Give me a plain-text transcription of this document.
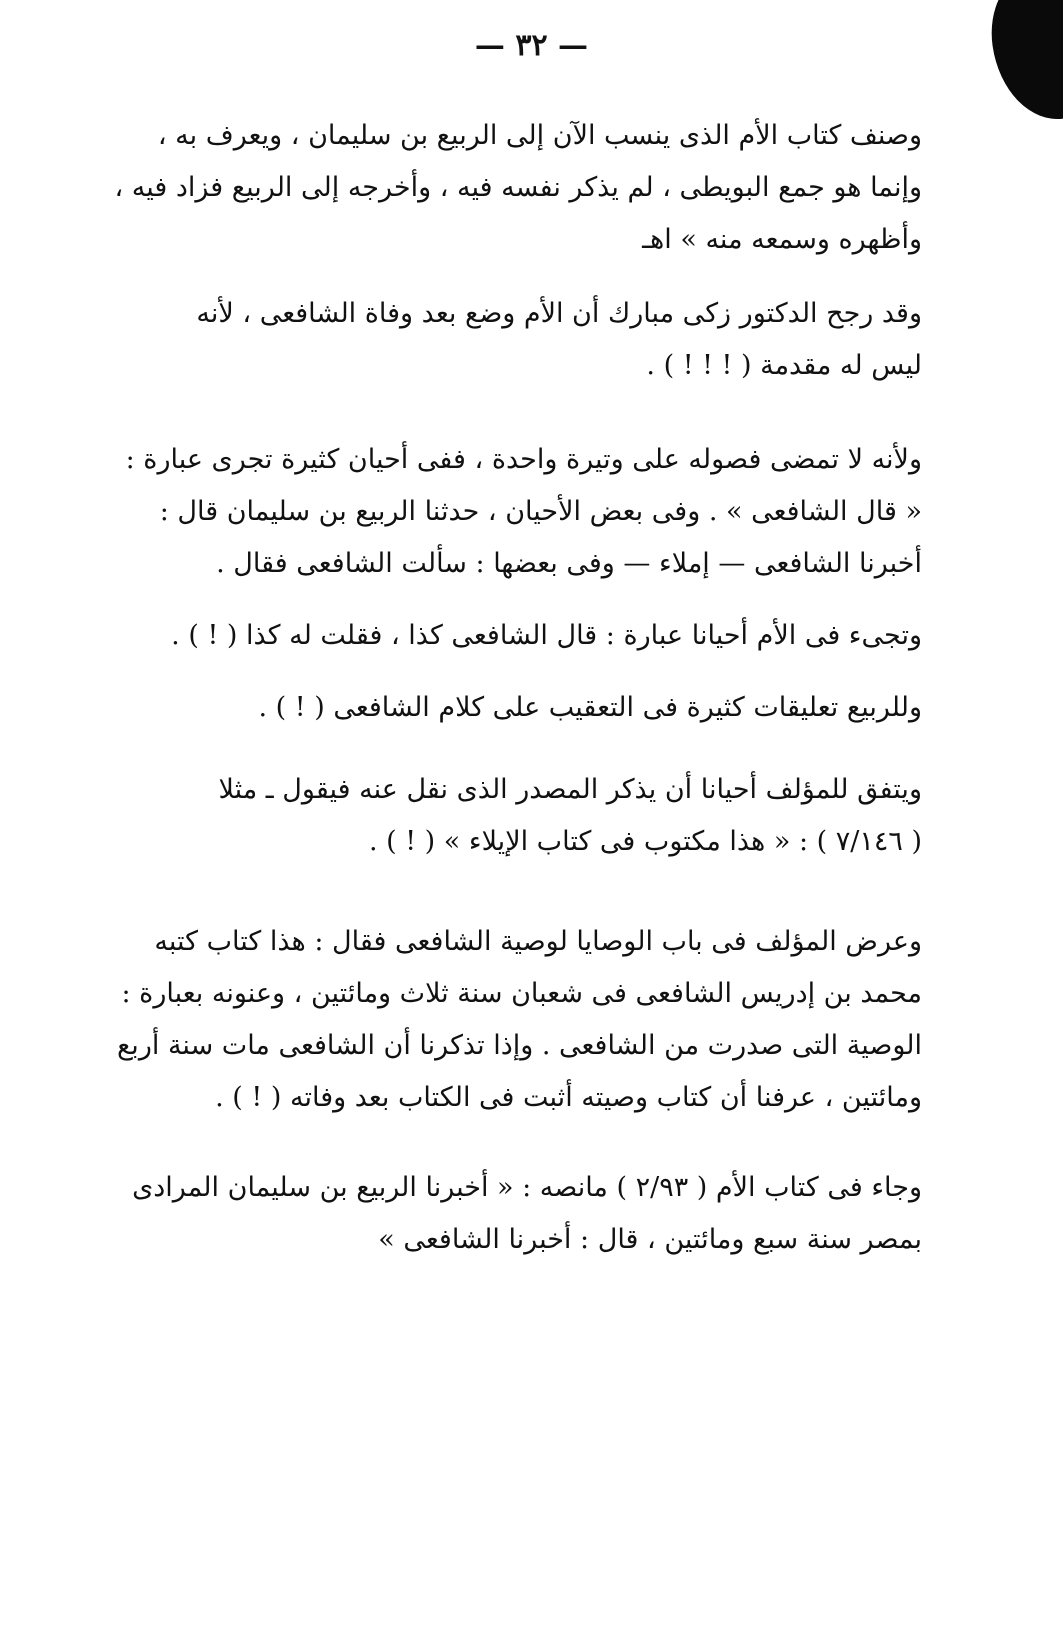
— ٣٢ —
وصنف كتاب الأم الذى ينسب الآن إلى الربيع بن سليمان ، ويعرف به ،
وإنما هو جمع البويطى ، لم يذكر نفسه فيه ، وأخرجه إلى الربيع فزاد فيه ،
وأظهره وسمعه منه » اهـ
وقد رجح الدكتور زكى مبارك أن الأم وضع بعد وفاة الشافعى ، لأنه
ليس له مقدمة ( ! ! ! ) .
ولأنه لا تمضى فصوله على وتيرة واحدة ، ففى أحيان كثيرة تجرى عبارة :
« قال الشافعى » . وفى بعض الأحيان ، حدثنا الربيع بن سليمان قال :
أخبرنا الشافعى — إملاء — وفى بعضها : سألت الشافعى فقال .
وتجىء فى الأم أحيانا عبارة : قال الشافعى كذا ، فقلت له كذا ( ! ) .
وللربيع تعليقات كثيرة فى التعقيب على كلام الشافعى ( ! ) .
ويتفق للمؤلف أحيانا أن يذكر المصدر الذى نقل عنه فيقول ـ مثلا
( ٧/١٤٦ ) : « هذا مكتوب فى كتاب الإيلاء » ( ! ) .
وعرض المؤلف فى باب الوصايا لوصية الشافعى فقال : هذا كتاب كتبه
محمد بن إدريس الشافعى فى شعبان سنة ثلاث ومائتين ، وعنونه بعبارة :
الوصية التى صدرت من الشافعى . وإذا تذكرنا أن الشافعى مات سنة أربع
ومائتين ، عرفنا أن كتاب وصيته أثبت فى الكتاب بعد وفاته ( ! ) .
وجاء فى كتاب الأم ( ٢/٩٣ ) مانصه : « أخبرنا الربيع بن سليمان المرادى
بمصر سنة سبع ومائتين ، قال : أخبرنا الشافعى »
